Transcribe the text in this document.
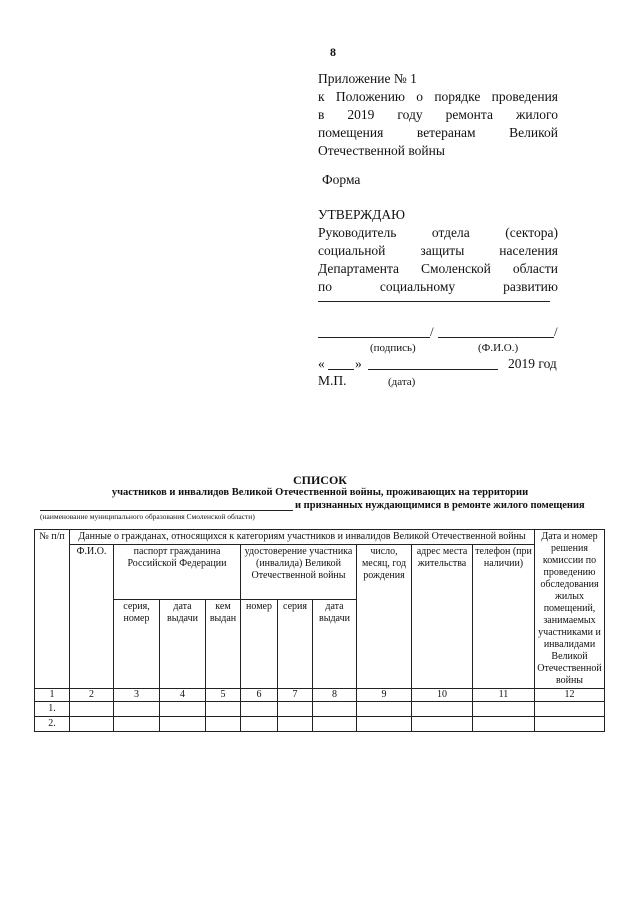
8
Приложение № 1
к Положению о порядке проведения
в 2019 году ремонта жилого
помещения ветеранам Великой
Отечественной войны
Форма
УТВЕРЖДАЮ
Руководитель отдела (сектора)
социальной защиты населения
Департамента Смоленской области
по социальному развитию
/	/
(подпись)	(Ф.И.О.)
« »	2019 год
М.П.	(дата)
СПИСОК
участников и инвалидов Великой Отечественной войны, проживающих на территории
и признанных нуждающимися в ремонте жилого помещения
(наименование муниципального образования Смоленской области)
№ п/п	Данные о гражданах, относящихся к категориям участников и инвалидов Великой Отечественной войны										Дата и номер решения комиссии по проведению обследования жилых помещений, занимаемых участниками и инвалидами Великой Отечественной войны
	Ф.И.О.	паспорт гражданина Российской Федерации			удостоверение участника (инвалида) Великой Отечественной войны			число, месяц, год рождения	адрес места жительства	телефон (при наличии)	
		серия, номер	дата выдачи	кем выдан	номер	серия	дата выдачи				
1	2	3	4	5	6	7	8	9	10	11	12
1.											
2.											
